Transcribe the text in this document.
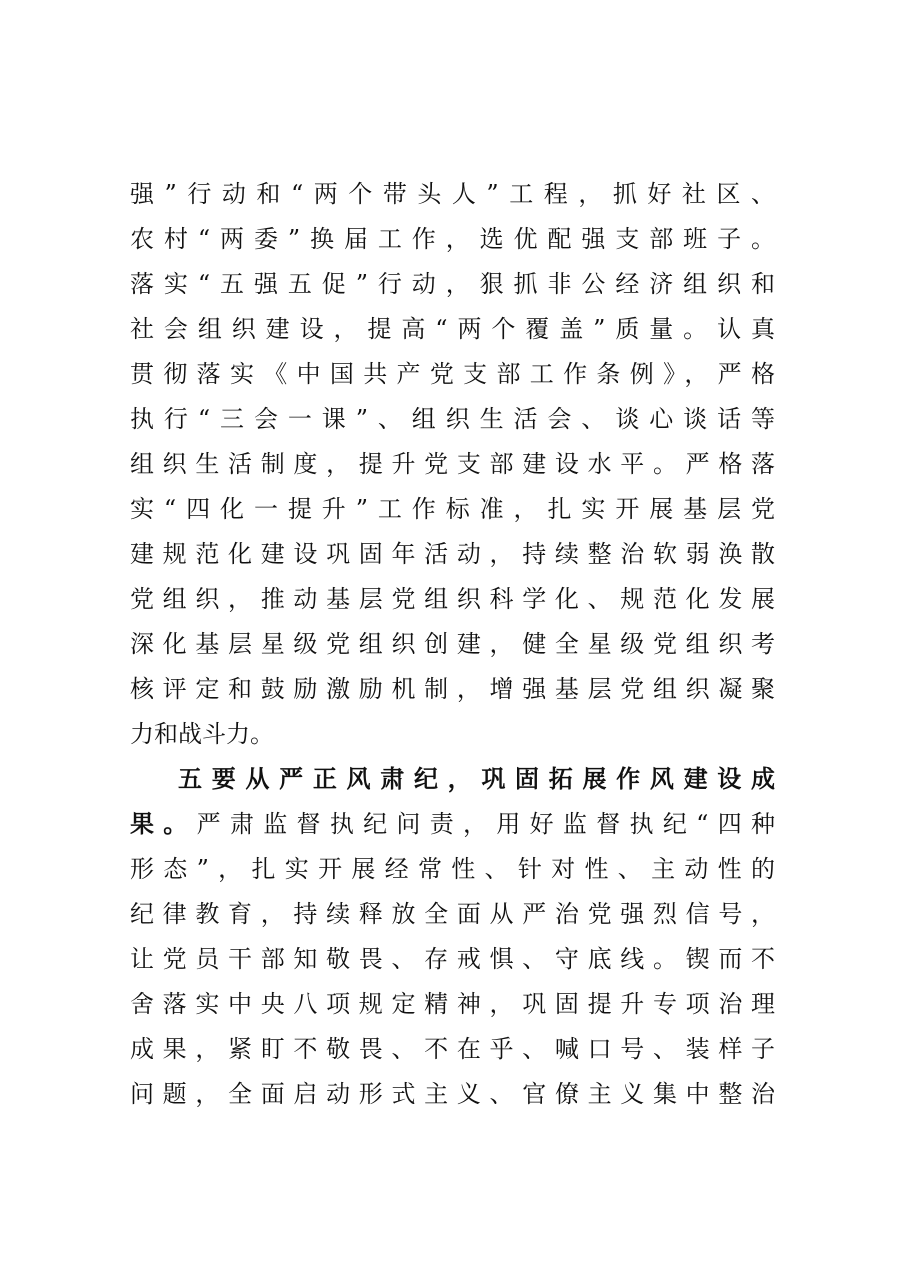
强”行动和“两个带头人”工程，抓好社区、
农村“两委”换届工作，选优配强支部班子。
落实“五强五促”行动，狠抓非公经济组织和
社会组织建设，提高“两个覆盖”质量。认真
贯彻落实《中国共产党支部工作条例》，严格
执行“三会一课”、组织生活会、谈心谈话等
组织生活制度，提升党支部建设水平。严格落
实“四化一提升”工作标准，扎实开展基层党
建规范化建设巩固年活动，持续整治软弱涣散
党组织，推动基层党组织科学化、规范化发展
深化基层星级党组织创建，健全星级党组织考
核评定和鼓励激励机制，增强基层党组织凝聚
力和战斗力。
五要从严正风肃纪，巩固拓展作风建设成
果。严肃监督执纪问责，用好监督执纪“四种
形态”，扎实开展经常性、针对性、主动性的
纪律教育，持续释放全面从严治党强烈信号，
让党员干部知敬畏、存戒惧、守底线。锲而不
舍落实中央八项规定精神，巩固提升专项治理
成果，紧盯不敬畏、不在乎、喊口号、装样子
问题，全面启动形式主义、官僚主义集中整治
